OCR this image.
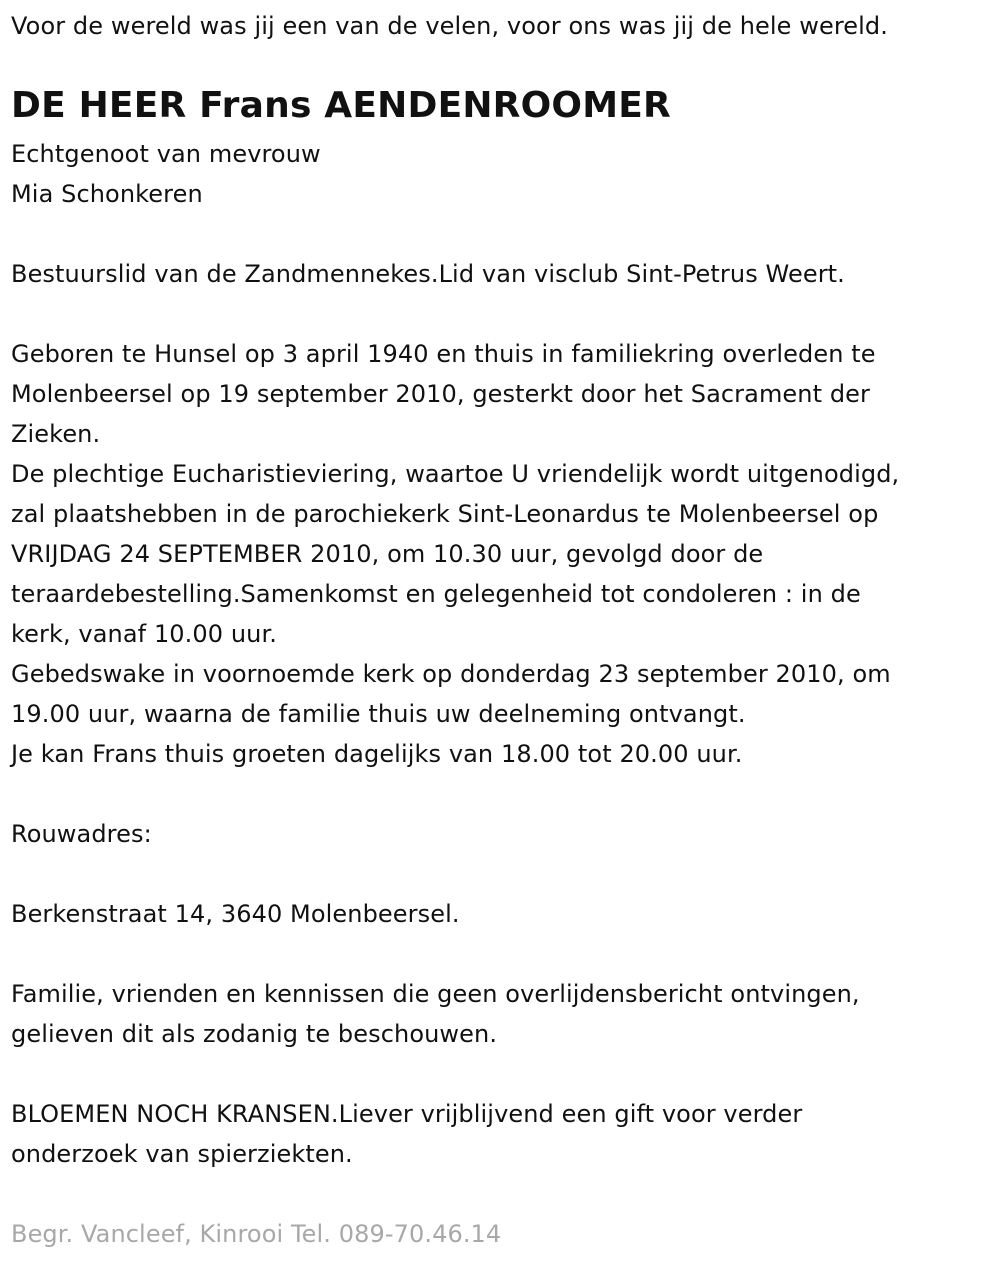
Voor de wereld was jij een van de velen, voor ons was jij de hele wereld.
DE HEER Frans AENDENROOMER
Echtgenoot van mevrouw
Mia Schonkeren
Bestuurslid van de Zandmennekes.Lid van visclub Sint-Petrus Weert.
Geboren te Hunsel op 3 april 1940 en thuis in familiekring overleden te
Molenbeersel op 19 september 2010, gesterkt door het Sacrament der
Zieken.
De plechtige Eucharistieviering, waartoe U vriendelijk wordt uitgenodigd,
zal plaatshebben in de parochiekerk Sint-Leonardus te Molenbeersel op
VRIJDAG 24 SEPTEMBER 2010, om 10.30 uur, gevolgd door de
teraardebestelling.Samenkomst en gelegenheid tot condoleren : in de
kerk, vanaf 10.00 uur.
Gebedswake in voornoemde kerk op donderdag 23 september 2010, om
19.00 uur, waarna de familie thuis uw deelneming ontvangt.
Je kan Frans thuis groeten dagelijks van 18.00 tot 20.00 uur.
Rouwadres:
Berkenstraat 14, 3640 Molenbeersel.
Familie, vrienden en kennissen die geen overlijdensbericht ontvingen,
gelieven dit als zodanig te beschouwen.
BLOEMEN NOCH KRANSEN.Liever vrijblijvend een gift voor verder
onderzoek van spierziekten.
Begr. Vancleef, Kinrooi Tel. 089-70.46.14
